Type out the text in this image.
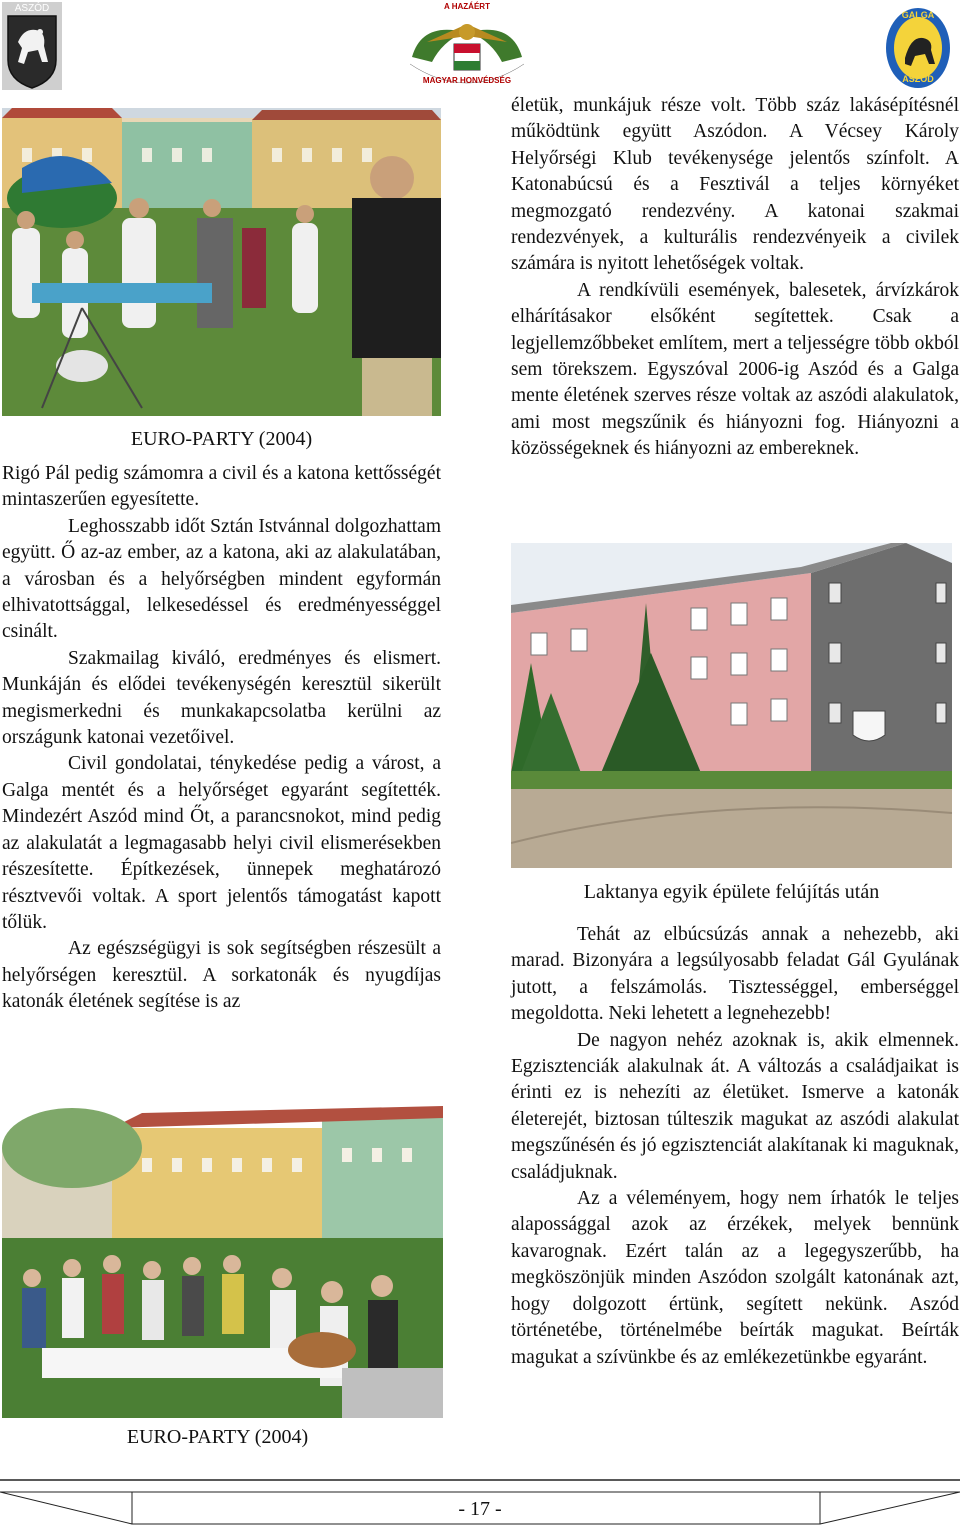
ASZÓD	A HAZÁÉRT
MAGYAR HONVÉDSÉG
GALGA
ASZÓD
EURO-PARTY (2004)

Rigó Pál pedig számomra a civil és a katona kettősségét mintaszerűen egyesítette.

Leghosszabb időt Sztán Istvánnal dolgozhattam együtt. Ő az-az ember, az a katona, aki az alakulatában, a városban és a helyőrségben mindent egyformán elhivatottsággal, lelkesedéssel és eredményességgel csinált.

Szakmailag kiváló, eredményes és elismert. Munkáján és elődei tevékenységén keresztül sikerült megismerkedni és munkakapcsolatba kerülni az országunk katonai vezetőivel.

Civil gondolatai, ténykedése pedig a várost, a Galga mentét és a helyőrséget egyaránt segítették. Mindezért Aszód mind Őt, a parancsnokot, mind pedig az alakulatát a legmagasabb helyi civil elismerésekben részesítette. Építkezések, ünnepek meghatározó résztvevői voltak. A sport jelentős támogatást kapott tőlük.

Az egészségügyi is sok segítségben részesült a helyőrségen keresztül. A sorkatonák és nyugdíjas katonák életének segítése is az

EURO-PARTY (2004)

életük, munkájuk része volt. Több száz lakásépítésnél működtünk együtt Aszódon. A Vécsey Károly Helyőrségi Klub tevékenysége jelentős színfolt. A Katonabúcsú és a Fesztivál a teljes környéket megmozgató rendezvény. A katonai szakmai rendezvények, a kulturális rendezvényeik a civilek számára is nyitott lehetőségek voltak.

A rendkívüli események, balesetek, árvízkárok elhárításakor elsőként segítettek. Csak a legjellemzőbbeket említem, mert a teljességre több okból sem törekszem. Egyszóval 2006-ig Aszód és a Galga mente életének szerves része voltak az aszódi alakulatok, ami most megszűnik és hiányozni fog. Hiányozni a közösségeknek és hiányozni az embereknek.

Laktanya egyik épülete felújítás után

Tehát az elbúcsúzás annak a nehezebb, aki marad. Bizonyára a legsúlyosabb feladat Gál Gyulának jutott, a felszámolás. Tisztességgel, emberséggel megoldotta. Neki lehetett a legnehezebb!

De nagyon nehéz azoknak is, akik elmennek. Egzisztenciák alakulnak át. A változás a családjaikat is érinti ez is nehezíti az életüket. Ismerve a katonák életerejét, biztosan túlteszik magukat az aszódi alakulat megszűnésén és jó egzisztenciát alakítanak ki maguknak, családjuknak.

Az a véleményem, hogy nem írhatók le teljes alapossággal azok az érzékek, melyek bennünk kavarognak. Ezért talán az a legegyszerűbb, ha megköszönjük minden Aszódon szolgált katonának azt, hogy dolgozott értünk, segített nekünk. Aszód történetébe, történelmébe beírták magukat. Beírták magukat a szívünkbe és az emlékezetünkbe egyaránt.

- 17 -
